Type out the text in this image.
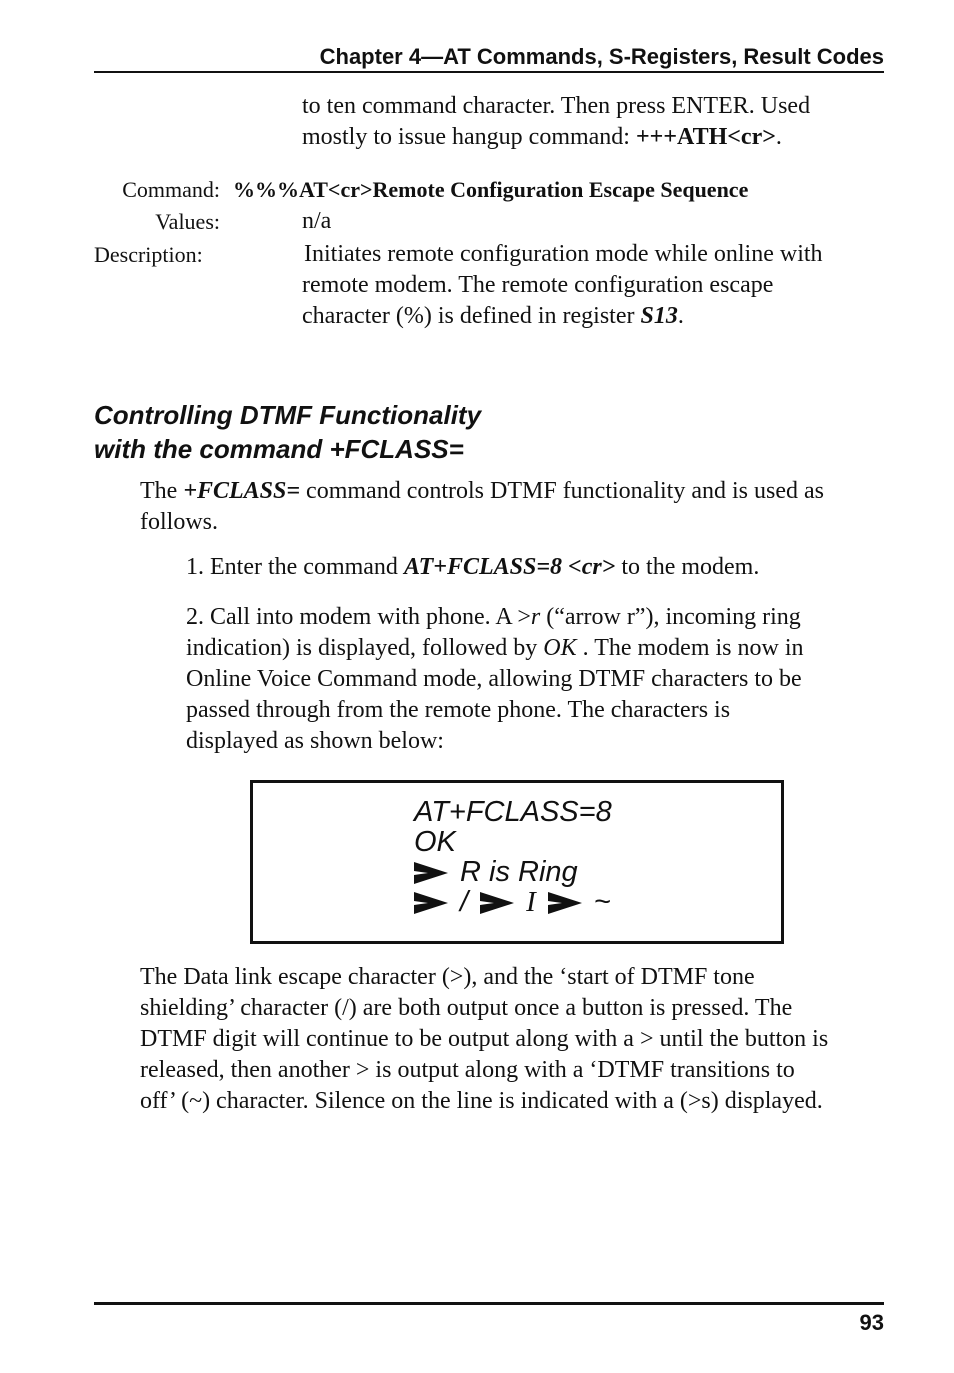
Chapter 4—AT Commands, S-Registers, Result Codes
to ten command character. Then press ENTER. Used
mostly to issue hangup command: +++ATH<cr>.
Command: %%%AT<cr>Remote Configuration Escape Sequence
Values:	n/a
Description:	Initiates remote configuration mode while online with
remote modem. The remote configuration escape
character (%) is defined in register S13.
Controlling DTMF Functionality
with the command +FCLASS=
The +FCLASS= command controls DTMF functionality and is used as
follows.
1. Enter the command AT+FCLASS=8 <cr> to the modem.
2. Call into modem with phone. A >r (“arrow r”), incoming ring
indication) is displayed, followed by OK . The modem is now in
Online Voice Command mode, allowing DTMF characters to be
passed through from the remote phone. The characters is
displayed as shown below:
AT+FCLASS=8
OK
R is Ring
/ I ~
The Data link escape character (>), and the ‘start of DTMF tone
shielding’ character (/) are both output once a button is pressed. The
DTMF digit will continue to be output along with a > until the button is
released, then another > is output along with a ‘DTMF transitions to
off’ (~) character. Silence on the line is indicated with a (>s) displayed.
93
